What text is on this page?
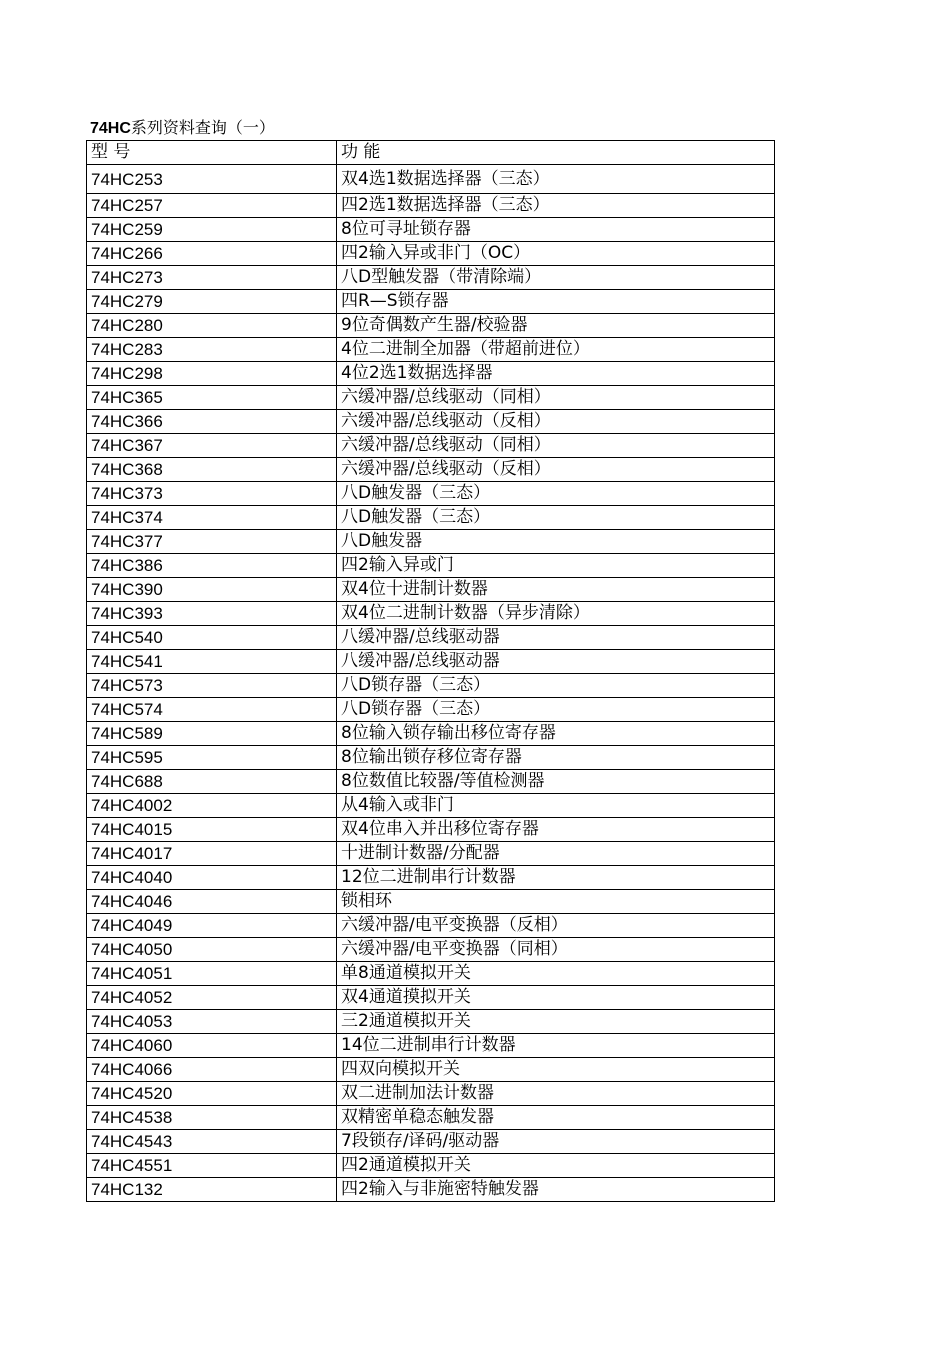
74HC系列资料查询（一）
型 号	功 能
74HC253	双4选1数据选择器（三态）
74HC257	四2选1数据选择器（三态）
74HC259	8位可寻址锁存器
74HC266	四2输入异或非门（OC）
74HC273	八D型触发器（带清除端）
74HC279	四R—S锁存器
74HC280	9位奇偶数产生器/校验器
74HC283	4位二进制全加器（带超前进位）
74HC298	4位2选1数据选择器
74HC365	六缓冲器/总线驱动（同相）
74HC366	六缓冲器/总线驱动（反相）
74HC367	六缓冲器/总线驱动（同相）
74HC368	六缓冲器/总线驱动（反相）
74HC373	八D触发器（三态）
74HC374	八D触发器（三态）
74HC377	八D触发器
74HC386	四2输入异或门
74HC390	双4位十进制计数器
74HC393	双4位二进制计数器（异步清除）
74HC540	八缓冲器/总线驱动器
74HC541	八缓冲器/总线驱动器
74HC573	八D锁存器（三态）
74HC574	八D锁存器（三态）
74HC589	8位输入锁存输出移位寄存器
74HC595	8位输出锁存移位寄存器
74HC688	8位数值比较器/等值检测器
74HC4002	从4输入或非门
74HC4015	双4位串入并出移位寄存器
74HC4017	十进制计数器/分配器
74HC4040	12位二进制串行计数器
74HC4046	锁相环
74HC4049	六缓冲器/电平变换器（反相）
74HC4050	六缓冲器/电平变换器（同相）
74HC4051	单8通道模拟开关
74HC4052	双4通道摸拟开关
74HC4053	三2通道模拟开关
74HC4060	14位二进制串行计数器
74HC4066	四双向模拟开关
74HC4520	双二进制加法计数器
74HC4538	双精密单稳态触发器
74HC4543	7段锁存/译码/驱动器
74HC4551	四2通道模拟开关
74HC132	四2输入与非施密特触发器
